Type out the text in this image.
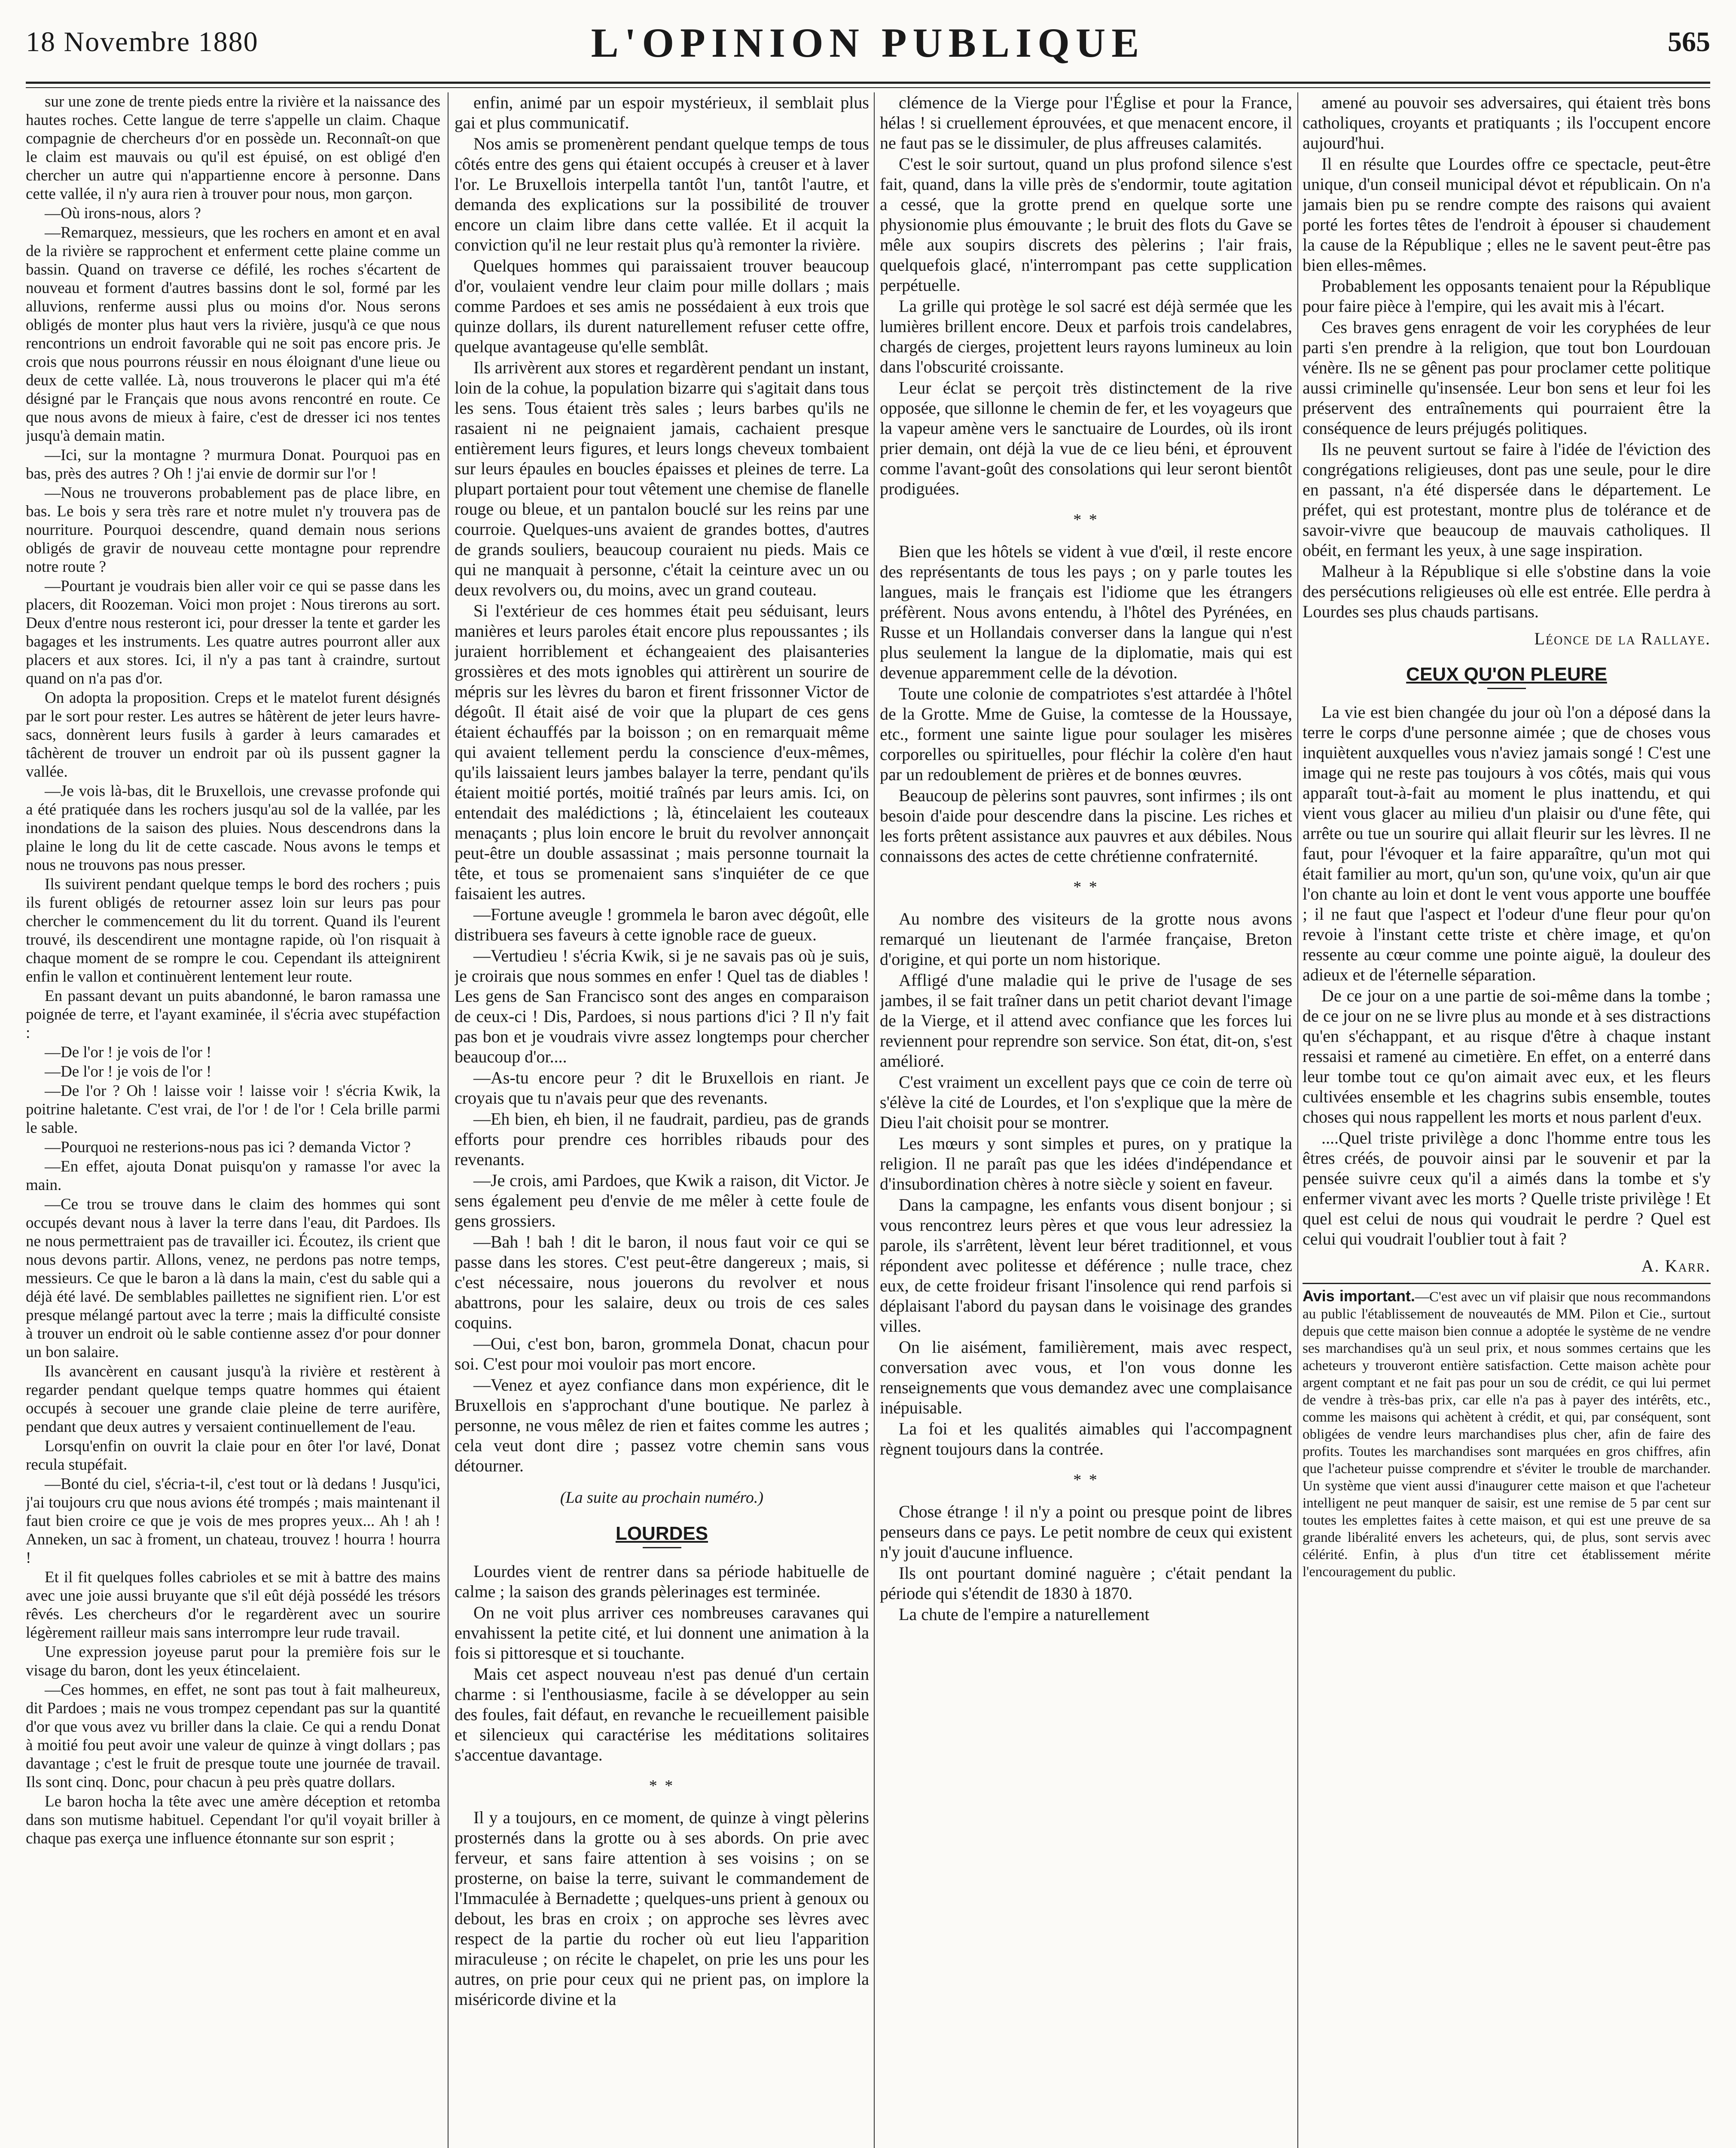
18 Novembre 1880	L'OPINION PUBLIQUE	565

sur une zone de trente pieds entre la rivière et la naissance des hautes roches. Cette langue de terre s'appelle un claim. Chaque compagnie de chercheurs d'or en possède un. Reconnaît-on que le claim est mauvais ou qu'il est épuisé, on est obligé d'en chercher un autre qui n'appartienne encore à personne. Dans cette vallée, il n'y aura rien à trouver pour nous, mon garçon.

—Où irons-nous, alors ?

—Remarquez, messieurs, que les rochers en amont et en aval de la rivière se rapprochent et enferment cette plaine comme un bassin. Quand on traverse ce défilé, les roches s'écartent de nouveau et forment d'autres bassins dont le sol, formé par les alluvions, renferme aussi plus ou moins d'or. Nous serons obligés de monter plus haut vers la rivière, jusqu'à ce que nous rencontrions un endroit favorable qui ne soit pas encore pris. Je crois que nous pourrons réussir en nous éloignant d'une lieue ou deux de cette vallée. Là, nous trouverons le placer qui m'a été désigné par le Français que nous avons rencontré en route. Ce que nous avons de mieux à faire, c'est de dresser ici nos tentes jusqu'à demain matin.

—Ici, sur la montagne ? murmura Donat. Pourquoi pas en bas, près des autres ? Oh ! j'ai envie de dormir sur l'or !

—Nous ne trouverons probablement pas de place libre, en bas. Le bois y sera très rare et notre mulet n'y trouvera pas de nourriture. Pourquoi descendre, quand demain nous serions obligés de gravir de nouveau cette montagne pour reprendre notre route ?

—Pourtant je voudrais bien aller voir ce qui se passe dans les placers, dit Roozeman. Voici mon projet : Nous tirerons au sort. Deux d'entre nous resteront ici, pour dresser la tente et garder les bagages et les instruments. Les quatre autres pourront aller aux placers et aux stores. Ici, il n'y a pas tant à craindre, surtout quand on n'a pas d'or.

On adopta la proposition. Creps et le matelot furent désignés par le sort pour rester. Les autres se hâtèrent de jeter leurs havre-sacs, donnèrent leurs fusils à garder à leurs camarades et tâchèrent de trouver un endroit par où ils pussent gagner la vallée.

—Je vois là-bas, dit le Bruxellois, une crevasse profonde qui a été pratiquée dans les rochers jusqu'au sol de la vallée, par les inondations de la saison des pluies. Nous descendrons dans la plaine le long du lit de cette cascade. Nous avons le temps et nous ne trouvons pas nous presser.

Ils suivirent pendant quelque temps le bord des rochers ; puis ils furent obligés de retourner assez loin sur leurs pas pour chercher le commencement du lit du torrent. Quand ils l'eurent trouvé, ils descendirent une montagne rapide, où l'on risquait à chaque moment de se rompre le cou. Cependant ils atteignirent enfin le vallon et continuèrent lentement leur route.

En passant devant un puits abandonné, le baron ramassa une poignée de terre, et l'ayant examinée, il s'écria avec stupéfaction :

—De l'or ! je vois de l'or !

—De l'or ! je vois de l'or !

—De l'or ? Oh ! laisse voir ! laisse voir ! s'écria Kwik, la poitrine haletante. C'est vrai, de l'or ! de l'or ! Cela brille parmi le sable.

—Pourquoi ne resterions-nous pas ici ? demanda Victor ?

—En effet, ajouta Donat puisqu'on y ramasse l'or avec la main.

—Ce trou se trouve dans le claim des hommes qui sont occupés devant nous à laver la terre dans l'eau, dit Pardoes. Ils ne nous permettraient pas de travailler ici. Écoutez, ils crient que nous devons partir. Allons, venez, ne perdons pas notre temps, messieurs. Ce que le baron a là dans la main, c'est du sable qui a déjà été lavé. De semblables paillettes ne signifient rien. L'or est presque mélangé partout avec la terre ; mais la difficulté consiste à trouver un endroit où le sable contienne assez d'or pour donner un bon salaire.

Ils avancèrent en causant jusqu'à la rivière et restèrent à regarder pendant quelque temps quatre hommes qui étaient occupés à secouer une grande claie pleine de terre aurifère, pendant que deux autres y versaient continuellement de l'eau.

Lorsqu'enfin on ouvrit la claie pour en ôter l'or lavé, Donat recula stupéfait.

—Bonté du ciel, s'écria-t-il, c'est tout or là dedans ! Jusqu'ici, j'ai toujours cru que nous avions été trompés ; mais maintenant il faut bien croire ce que je vois de mes propres yeux... Ah ! ah ! Anneken, un sac à froment, un chateau, trouvez ! hourra ! hourra !

Et il fit quelques folles cabrioles et se mit à battre des mains avec une joie aussi bruyante que s'il eût déjà possédé les trésors rêvés. Les chercheurs d'or le regardèrent avec un sourire légèrement railleur mais sans interrompre leur rude travail.

Une expression joyeuse parut pour la première fois sur le visage du baron, dont les yeux étincelaient.

—Ces hommes, en effet, ne sont pas tout à fait malheureux, dit Pardoes ; mais ne vous trompez cependant pas sur la quantité d'or que vous avez vu briller dans la claie. Ce qui a rendu Donat à moitié fou peut avoir une valeur de quinze à vingt dollars ; pas davantage ; c'est le fruit de presque toute une journée de travail. Ils sont cinq. Donc, pour chacun à peu près quatre dollars.

Le baron hocha la tête avec une amère déception et retomba dans son mutisme habituel. Cependant l'or qu'il voyait briller à chaque pas exerça une influence étonnante sur son esprit ;

enfin, animé par un espoir mystérieux, il semblait plus gai et plus communicatif.

Nos amis se promenèrent pendant quelque temps de tous côtés entre des gens qui étaient occupés à creuser et à laver l'or. Le Bruxellois interpella tantôt l'un, tantôt l'autre, et demanda des explications sur la possibilité de trouver encore un claim libre dans cette vallée. Et il acquit la conviction qu'il ne leur restait plus qu'à remonter la rivière.

Quelques hommes qui paraissaient trouver beaucoup d'or, voulaient vendre leur claim pour mille dollars ; mais comme Pardoes et ses amis ne possédaient à eux trois que quinze dollars, ils durent naturellement refuser cette offre, quelque avantageuse qu'elle semblât.

Ils arrivèrent aux stores et regardèrent pendant un instant, loin de la cohue, la population bizarre qui s'agitait dans tous les sens. Tous étaient très sales ; leurs barbes qu'ils ne rasaient ni ne peignaient jamais, cachaient presque entièrement leurs figures, et leurs longs cheveux tombaient sur leurs épaules en boucles épaisses et pleines de terre. La plupart portaient pour tout vêtement une chemise de flanelle rouge ou bleue, et un pantalon bouclé sur les reins par une courroie. Quelques-uns avaient de grandes bottes, d'autres de grands souliers, beaucoup couraient nu pieds. Mais ce qui ne manquait à personne, c'était la ceinture avec un ou deux revolvers ou, du moins, avec un grand couteau.

Si l'extérieur de ces hommes était peu séduisant, leurs manières et leurs paroles était encore plus repoussantes ; ils juraient horriblement et échangeaient des plaisanteries grossières et des mots ignobles qui attirèrent un sourire de mépris sur les lèvres du baron et firent frissonner Victor de dégoût. Il était aisé de voir que la plupart de ces gens étaient échauffés par la boisson ; on en remarquait même qui avaient tellement perdu la conscience d'eux-mêmes, qu'ils laissaient leurs jambes balayer la terre, pendant qu'ils étaient moitié portés, moitié traînés par leurs amis. Ici, on entendait des malédictions ; là, étincelaient les couteaux menaçants ; plus loin encore le bruit du revolver annonçait peut-être un double assassinat ; mais personne tournait la tête, et tous se promenaient sans s'inquiéter de ce que faisaient les autres.

—Fortune aveugle ! grommela le baron avec dégoût, elle distribuera ses faveurs à cette ignoble race de gueux.

—Vertudieu ! s'écria Kwik, si je ne savais pas où je suis, je croirais que nous sommes en enfer ! Quel tas de diables ! Les gens de San Francisco sont des anges en comparaison de ceux-ci ! Dis, Pardoes, si nous partions d'ici ? Il n'y fait pas bon et je voudrais vivre assez longtemps pour chercher beaucoup d'or....

—As-tu encore peur ? dit le Bruxellois en riant. Je croyais que tu n'avais peur que des revenants.

—Eh bien, eh bien, il ne faudrait, pardieu, pas de grands efforts pour prendre ces horribles ribauds pour des revenants.

—Je crois, ami Pardoes, que Kwik a raison, dit Victor. Je sens également peu d'envie de me mêler à cette foule de gens grossiers.

—Bah ! bah ! dit le baron, il nous faut voir ce qui se passe dans les stores. C'est peut-être dangereux ; mais, si c'est nécessaire, nous jouerons du revolver et nous abattrons, pour les salaire, deux ou trois de ces sales coquins.

—Oui, c'est bon, baron, grommela Donat, chacun pour soi. C'est pour moi vouloir pas mort encore.

—Venez et ayez confiance dans mon expérience, dit le Bruxellois en s'approchant d'une boutique. Ne parlez à personne, ne vous mêlez de rien et faites comme les autres ; cela veut dont dire ; passez votre chemin sans vous détourner.

(La suite au prochain numéro.)
LOURDES

Lourdes vient de rentrer dans sa période habituelle de calme ; la saison des grands pèlerinages est terminée.

On ne voit plus arriver ces nombreuses caravanes qui envahissent la petite cité, et lui donnent une animation à la fois si pittoresque et si touchante.

Mais cet aspect nouveau n'est pas denué d'un certain charme : si l'enthousiasme, facile à se développer au sein des foules, fait défaut, en revanche le recueillement paisible et silencieux qui caractérise les méditations solitaires s'accentue davantage.

* *

Il y a toujours, en ce moment, de quinze à vingt pèlerins prosternés dans la grotte ou à ses abords. On prie avec ferveur, et sans faire attention à ses voisins ; on se prosterne, on baise la terre, suivant le commandement de l'Immaculée à Bernadette ; quelques-uns prient à genoux ou debout, les bras en croix ; on approche ses lèvres avec respect de la partie du rocher où eut lieu l'apparition miraculeuse ; on récite le chapelet, on prie les uns pour les autres, on prie pour ceux qui ne prient pas, on implore la miséricorde divine et la

clémence de la Vierge pour l'Église et pour la France, hélas ! si cruellement éprouvées, et que menacent encore, il ne faut pas se le dissimuler, de plus affreuses calamités.

C'est le soir surtout, quand un plus profond silence s'est fait, quand, dans la ville près de s'endormir, toute agitation a cessé, que la grotte prend en quelque sorte une physionomie plus émouvante ; le bruit des flots du Gave se mêle aux soupirs discrets des pèlerins ; l'air frais, quelquefois glacé, n'interrompant pas cette supplication perpétuelle.

La grille qui protège le sol sacré est déjà sermée que les lumières brillent encore. Deux et parfois trois candelabres, chargés de cierges, projettent leurs rayons lumineux au loin dans l'obscurité croissante.

Leur éclat se perçoit très distinctement de la rive opposée, que sillonne le chemin de fer, et les voyageurs que la vapeur amène vers le sanctuaire de Lourdes, où ils iront prier demain, ont déjà la vue de ce lieu béni, et éprouvent comme l'avant-goût des consolations qui leur seront bientôt prodiguées.

* *

Bien que les hôtels se vident à vue d'œil, il reste encore des représentants de tous les pays ; on y parle toutes les langues, mais le français est l'idiome que les étrangers préfèrent. Nous avons entendu, à l'hôtel des Pyrénées, en Russe et un Hollandais converser dans la langue qui n'est plus seulement la langue de la diplomatie, mais qui est devenue apparemment celle de la dévotion.

Toute une colonie de compatriotes s'est attardée à l'hôtel de la Grotte. Mme de Guise, la comtesse de la Houssaye, etc., forment une sainte ligue pour soulager les misères corporelles ou spirituelles, pour fléchir la colère d'en haut par un redoublement de prières et de bonnes œuvres.

Beaucoup de pèlerins sont pauvres, sont infirmes ; ils ont besoin d'aide pour descendre dans la piscine. Les riches et les forts prêtent assistance aux pauvres et aux débiles. Nous connaissons des actes de cette chrétienne confraternité.

* *

Au nombre des visiteurs de la grotte nous avons remarqué un lieutenant de l'armée française, Breton d'origine, et qui porte un nom historique.

Affligé d'une maladie qui le prive de l'usage de ses jambes, il se fait traîner dans un petit chariot devant l'image de la Vierge, et il attend avec confiance que les forces lui reviennent pour reprendre son service. Son état, dit-on, s'est amélioré.

C'est vraiment un excellent pays que ce coin de terre où s'élève la cité de Lourdes, et l'on s'explique que la mère de Dieu l'ait choisit pour se montrer.

Les mœurs y sont simples et pures, on y pratique la religion. Il ne paraît pas que les idées d'indépendance et d'insubordination chères à notre siècle y soient en faveur.

Dans la campagne, les enfants vous disent bonjour ; si vous rencontrez leurs pères et que vous leur adressiez la parole, ils s'arrêtent, lèvent leur béret traditionnel, et vous répondent avec politesse et déférence ; nulle trace, chez eux, de cette froideur frisant l'insolence qui rend parfois si déplaisant l'abord du paysan dans le voisinage des grandes villes.

On lie aisément, familièrement, mais avec respect, conversation avec vous, et l'on vous donne les renseignements que vous demandez avec une complaisance inépuisable.

La foi et les qualités aimables qui l'accompagnent règnent toujours dans la contrée.

* *

Chose étrange ! il n'y a point ou presque point de libres penseurs dans ce pays. Le petit nombre de ceux qui existent n'y jouit d'aucune influence.

Ils ont pourtant dominé naguère ; c'était pendant la période qui s'étendit de 1830 à 1870.

La chute de l'empire a naturellement

amené au pouvoir ses adversaires, qui étaient très bons catholiques, croyants et pratiquants ; ils l'occupent encore aujourd'hui.

Il en résulte que Lourdes offre ce spectacle, peut-être unique, d'un conseil municipal dévot et républicain. On n'a jamais bien pu se rendre compte des raisons qui avaient porté les fortes têtes de l'endroit à épouser si chaudement la cause de la République ; elles ne le savent peut-être pas bien elles-mêmes.

Probablement les opposants tenaient pour la République pour faire pièce à l'empire, qui les avait mis à l'écart.

Ces braves gens enragent de voir les coryphées de leur parti s'en prendre à la religion, que tout bon Lourdouan vénère. Ils ne se gênent pas pour proclamer cette politique aussi criminelle qu'insensée. Leur bon sens et leur foi les préservent des entraînements qui pourraient être la conséquence de leurs préjugés politiques.

Ils ne peuvent surtout se faire à l'idée de l'éviction des congrégations religieuses, dont pas une seule, pour le dire en passant, n'a été dispersée dans le département. Le préfet, qui est protestant, montre plus de tolérance et de savoir-vivre que beaucoup de mauvais catholiques. Il obéit, en fermant les yeux, à une sage inspiration.

Malheur à la République si elle s'obstine dans la voie des persécutions religieuses où elle est entrée. Elle perdra à Lourdes ses plus chauds partisans.

Léonce de la Rallaye.
CEUX QU'ON PLEURE

La vie est bien changée du jour où l'on a déposé dans la terre le corps d'une personne aimée ; que de choses vous inquiètent auxquelles vous n'aviez jamais songé ! C'est une image qui ne reste pas toujours à vos côtés, mais qui vous apparaît tout-à-fait au moment le plus inattendu, et qui vient vous glacer au milieu d'un plaisir ou d'une fête, qui arrête ou tue un sourire qui allait fleurir sur les lèvres. Il ne faut, pour l'évoquer et la faire apparaître, qu'un mot qui était familier au mort, qu'un son, qu'une voix, qu'un air que l'on chante au loin et dont le vent vous apporte une bouffée ; il ne faut que l'aspect et l'odeur d'une fleur pour qu'on revoie à l'instant cette triste et chère image, et qu'on ressente au cœur comme une pointe aiguë, la douleur des adieux et de l'éternelle séparation.

De ce jour on a une partie de soi-même dans la tombe ; de ce jour on ne se livre plus au monde et à ses distractions qu'en s'échappant, et au risque d'être à chaque instant ressaisi et ramené au cimetière. En effet, on a enterré dans leur tombe tout ce qu'on aimait avec eux, et les fleurs cultivées ensemble et les chagrins subis ensemble, toutes choses qui nous rappellent les morts et nous parlent d'eux.

....Quel triste privilège a donc l'homme entre tous les êtres créés, de pouvoir ainsi par le souvenir et par la pensée suivre ceux qu'il a aimés dans la tombe et s'y enfermer vivant avec les morts ? Quelle triste privilège ! Et quel est celui de nous qui voudrait le perdre ? Quel est celui qui voudrait l'oublier tout à fait ?

A. Karr.
Avis important.—C'est avec un vif plaisir que nous recommandons au public l'établissement de nouveautés de MM. Pilon et Cie., surtout depuis que cette maison bien connue a adoptée le système de ne vendre ses marchandises qu'à un seul prix, et nous sommes certains que les acheteurs y trouveront entière satisfaction. Cette maison achète pour argent comptant et ne fait pas pour un sou de crédit, ce qui lui permet de vendre à très-bas prix, car elle n'a pas à payer des intérêts, etc., comme les maisons qui achètent à crédit, et qui, par conséquent, sont obligées de vendre leurs marchandises plus cher, afin de faire des profits. Toutes les marchandises sont marquées en gros chiffres, afin que l'acheteur puisse comprendre et s'éviter le trouble de marchander. Un système que vient aussi d'inaugurer cette maison et que l'acheteur intelligent ne peut manquer de saisir, est une remise de 5 par cent sur toutes les emplettes faites à cette maison, et qui est une preuve de sa grande libéralité envers les acheteurs, qui, de plus, sont servis avec célérité. Enfin, à plus d'un titre cet établissement mérite l'encouragement du public.
